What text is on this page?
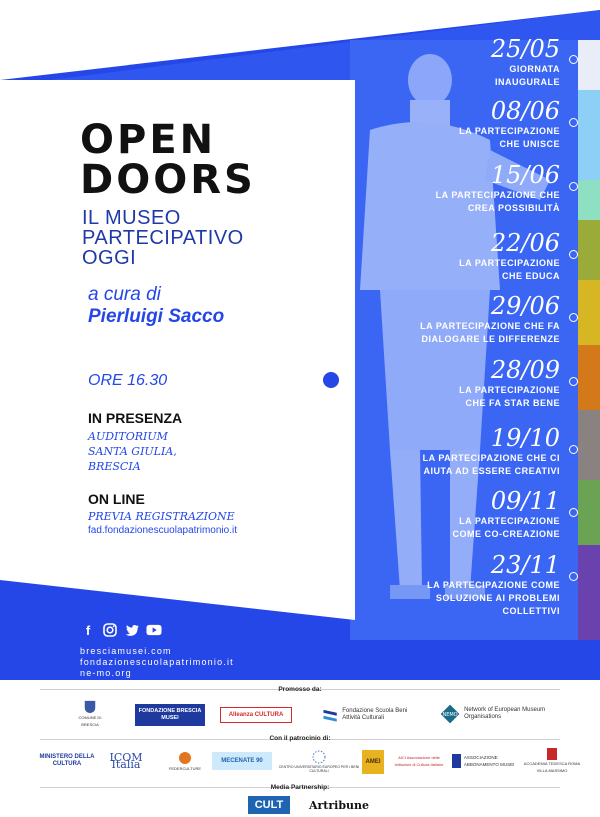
OPEN
DOORS
IL MUSEO
PARTECIPATIVO
OGGI
a cura di
Pierluigi Sacco
ORE 16.30
IN PRESENZA
AUDITORIUM
SANTA GIULIA,
BRESCIA
ON LINE
PREVIA REGISTRAZIONE
fad.fondazionescuolapatrimonio.it
25/05
GIORNATA
INAUGURALE
08/06
LA PARTECIPAZIONE
CHE UNISCE
15/06
LA PARTECIPAZIONE CHE
CREA POSSIBILITÀ
22/06
LA PARTECIPAZIONE
CHE EDUCA
29/06
LA PARTECIPAZIONE CHE FA
DIALOGARE LE DIFFERENZE
28/09
LA PARTECIPAZIONE
CHE FA STAR BENE
19/10
LA PARTECIPAZIONE CHE CI
AIUTA AD ESSERE CREATIVI
09/11
LA PARTECIPAZIONE
COME CO-CREAZIONE
23/11
LA PARTECIPAZIONE COME
SOLUZIONE AI PROBLEMI
COLLETTIVI
f
bresciamusei.com
fondazionescuolapatrimonio.it
ne-mo.org
Promosso da:
COMUNE DI BRESCIA
FONDAZIONE BRESCIA MUSEI
Alleanza CULTURA
Fondazione Scuola Beni Attività Culturali	NEMO
Network of European Museum Organisations
Con il patrocinio di:
MINISTERO DELLA CULTURA	ICOM Italia	FEDERCULTURE
MECENATE 90
CENTRO UNIVERSITARIO EUROPEO PER I BENI CULTURALI
AMEI
AICI Associazione delle Istituzioni di Cultura Italiane
ASSOCIAZIONE ABBONAMENTO MUSEI	ACCADEMIA TEDESCA ROMA VILLA MASSIMO
Media Partnership:
CULT Artribune
